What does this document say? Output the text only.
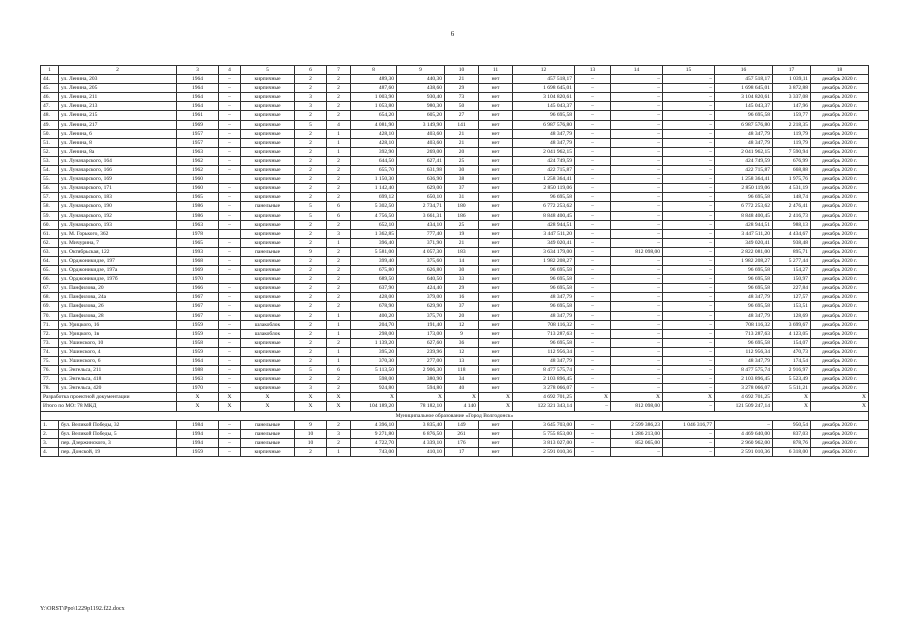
6
1	2	3	4	5	6	7	8	9	10	11	12	13	14	15	16	17	18
44.	ул. Ленина, 203	1964	–	кирпичные	2	2	489,30	440,30	21	нет	457 518,17	–	–	–	457 518,17	1 039,11	декабрь 2020 г.
45.	ул. Ленина, 205	1964	–	кирпичные	2	2	487,60	438,60	29	нет	1 698 645,01	–	–	–	1 698 645,01	3 872,88	декабрь 2020 г.
46.	ул. Ленина, 211	1964	–	кирпичные	3	2	1 003,90	930,40	73	нет	3 104 820,61	–	–	–	3 104 820,61	3 337,08	декабрь 2020 г.
47.	ул. Ленина, 213	1964	–	кирпичные	3	2	1 053,80	980,30	50	нет	145 043,37	–	–	–	145 043,37	147,96	декабрь 2020 г.
48.	ул. Ленина, 215	1961	–	кирпичные	2	2	654,20	605,20	27	нет	96 695,58	–	–	–	96 695,58	159,77	декабрь 2020 г.
49.	ул. Ленина, 217	1969	–	кирпичные	5	4	4 081,90	3 149,90	141	нет	6 987 576,80	–	–	–	6 987 576,80	2 218,35	декабрь 2020 г.
50.	ул. Ленина, 6	1957	–	кирпичные	2	1	428,10	403,60	21	нет	48 347,79	–	–	–	48 347,79	119,79	декабрь 2020 г.
51.	ул. Ленина, 8	1957	–	кирпичные	2	1	428,10	403,60	21	нет	48 347,79	–	–	–	48 347,79	119,79	декабрь 2020 г.
52.	ул. Ленина, 8а	1963	–	кирпичные	2	1	392,90	269,00	20	нет	2 041 962,15	–	–	–	2 041 962,15	7 590,94	декабрь 2020 г.
53.	ул. Луначарского, 164	1962	–	кирпичные	2	2	644,50	627,41	25	нет	424 749,59	–	–	–	424 749,59	676,99	декабрь 2020 г.
54.	ул. Луначарского, 166	1962	–	кирпичные	2	2	655,70	631,98	30	нет	422 715,87	–	–	–	422 715,87	668,88	декабрь 2020 г.
55.	ул. Луначарского, 169	1960		кирпичные	2	2	1 150,30	636,90	38	нет	1 258 364,41	–	–	–	1 258 364,41	1 975,76	декабрь 2020 г.
56.	ул. Луначарского, 171	1960	–	кирпичные	2	2	1 142,40	629,00	37	нет	2 850 119,06	–	–	–	2 850 119,06	4 531,19	декабрь 2020 г.
57.	ул. Луначарского, 183	1965	–	кирпичные	2	2	699,12	650,10	31	нет	96 695,58	–	–	–	96 695,58	148,74	декабрь 2020 г.
58.	ул. Луначарского, 190	1986	–	панельные	5	6	5 302,50	2 734,71	180	нет	6 772 253,62	–	–	–	6 772 253,62	2 476,41	декабрь 2020 г.
59.	ул. Луначарского, 192	1986	–	кирпичные	5	6	4 756,50	3 661,31	186	нет	8 848 400,45	–	–	–	8 848 400,45	2 416,73	декабрь 2020 г.
60.	ул. Луначарского, 193	1963	–	кирпичные	2	2	652,10	434,10	25	нет	428 944,51	–	–	–	428 944,51	988,13	декабрь 2020 г.
61.	ул. М. Горького, 362	1978		кирпичные	2	3	1 362,85	777,40	19	нет	3 447 511,20	–	–	–	3 447 511,20	4 434,67	декабрь 2020 г.
62.	ул. Мичурина, 7	1965	–	кирпичные	2	1	396,40	371,90	21	нет	349 020,41	–	–	–	349 020,41	938,48	декабрь 2020 г.
63.	ул. Октябрьская, 122	1993	–	панельные	9	2	5 581,00	4 057,30	183	нет	3 634 179,00	–	812 098,00	–	2 822 081,00	895,71	декабрь 2020 г.
64.	ул. Орджоникидзе, 197	1968	–	кирпичные	2	2	399,40	375,60	14	нет	1 982 208,27	–	–	–	1 982 208,27	5 277,44	декабрь 2020 г.
65.	ул. Орджоникидзе, 197а	1969	–	кирпичные	2	2	675,80	626,80	30	нет	96 695,58	–	–	–	96 695,58	154,27	декабрь 2020 г.
66.	ул. Орджоникидзе, 197б	1970		кирпичные	2	2	689,50	640,50	33	нет	96 695,58	–	–	–	96 695,58	150,97	декабрь 2020 г.
67.	ул. Панфилова, 20	1966	–	кирпичные	2	2	637,90	424,40	29	нет	96 695,58	–	–	–	96 695,58	227,84	декабрь 2020 г.
68.	ул. Панфилова, 24а	1967	–	кирпичные	2	2	428,00	379,00	16	нет	48 347,79	–	–	–	48 347,79	127,57	декабрь 2020 г.
69.	ул. Панфилова, 26	1967	–	кирпичные	2	2	678,90	629,90	37	нет	96 695,58	–	–	–	96 695,58	153,51	декабрь 2020 г.
70.	ул. Панфилова, 28	1967	–	кирпичные	2	1	400,20	375,70	20	нет	48 347,79	–	–	–	48 347,79	128,69	декабрь 2020 г.
71.	ул. Урицкого, 16	1959	–	шлакоблок	2	1	204,70	191,40	12	нет	708 116,32	–	–	–	708 116,32	3 699,67	декабрь 2020 г.
72.	ул. Урицкого, 1в	1959	–	шлакоблок	2	1	298,00	173,00	9	нет	713 287,63	–	–	–	713 287,63	4 123,05	декабрь 2020 г.
73.	ул. Ушинского, 10	1958	–	кирпичные	2	2	1 139,20	627,60	36	нет	96 695,58	–	–	–	96 695,58	154,07	декабрь 2020 г.
74.	ул. Ушинского, 4	1959	–	кирпичные	2	1	395,20	239,96	12	нет	112 956,34	–	–	–	112 956,34	470,73	декабрь 2020 г.
75.	ул. Ушинского, 6	1964	–	кирпичные	2	1	370,30	277,00	13	нет	48 347,79	–	–	–	48 347,79	174,54	декабрь 2020 г.
76.	ул. Энгельса, 211	1988	–	кирпичные	5	6	5 113,50	2 906,30	118	нет	8 477 575,74	–	–	–	8 477 575,74	2 916,97	декабрь 2020 г.
77.	ул. Энгельса, 418	1963	–	кирпичные	2	2	598,00	380,90	34	нет	2 103 896,45	–	–	–	2 103 896,45	5 523,49	декабрь 2020 г.
78.	ул. Энгельса, 420	1970	–	кирпичные	3	2	924,80	594,80	40	нет	3 278 066,07	–	–	–	3 278 066,07	5 511,21	декабрь 2020 г.
Разработка проектной документации		X	X	X	X	X	X	X	X	X	4 692 701,25	X	X	X	4 692 701,25	X	X
Итого по МО: 78 МКД		X	X	X	X	X	104 189,20	78 182,10	4 140	X	122 321 343,14	–	812 098,00	–	121 509 247,14	X	X
Муниципальное образование «Город Волгодонск»																	
1.	бул. Великой Победы, 32	1984	–	панельные	9	2	4 396,10	3 835,40	149	нет	3 645 703,00	–	2 599 386,23	1 046 316,77	–	950,54	декабрь 2020 г.
2.	бул. Великой Победы, 5	1994	–	панельные	10	3	9 271,80	6 876,50	261	нет	5 755 853,00	–	1 286 213,00	–	4 469 640,00	837,03	декабрь 2020 г.
3.	пер. Дзержинского, 3	1994	–	панельные	10	2	4 722,70	4 339,10	176	нет	3 813 027,00	–	852 065,00	–	2 960 962,00	878,76	декабрь 2020 г.
4.	пер. Донской, 19	1959	–	кирпичные	2	1	743,00	410,10	17	нет	2 591 010,36	–	–	–	2 591 010,36	6 318,00	декабрь 2020 г.
Y:\ORST\Ppo\1229p1192.f22.docx
